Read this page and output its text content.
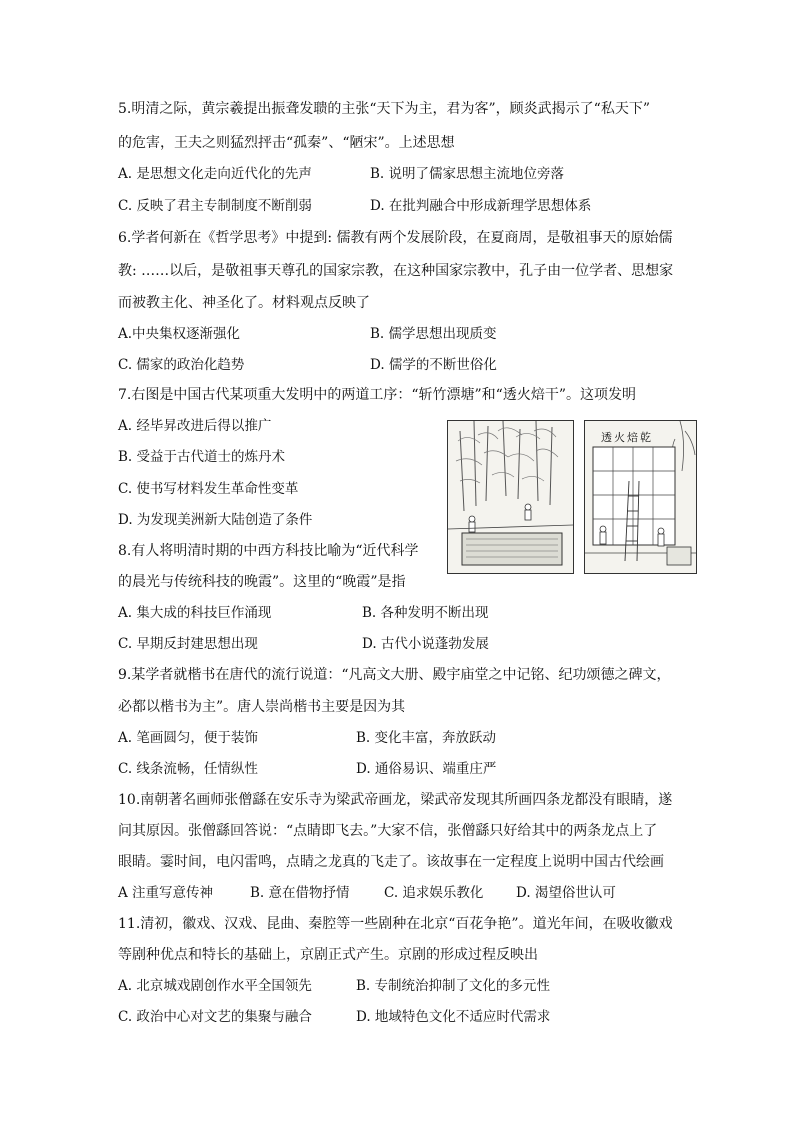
5.明清之际，黄宗羲提出振聋发聩的主张“天下为主，君为客”，顾炎武揭示了“私天下”
的危害，王夫之则猛烈抨击“孤秦”、“陋宋”。上述思想
A. 是思想文化走向近代化的先声	B. 说明了儒家思想主流地位旁落
C. 反映了君主专制制度不断削弱	D. 在批判融合中形成新理学思想体系
6.学者何新在《哲学思考》中提到: 儒教有两个发展阶段，在夏商周，是敬祖事天的原始儒
教: ……以后，是敬祖事天尊孔的国家宗教，在这种国家宗教中，孔子由一位学者、思想家
而被教主化、神圣化了。材料观点反映了
A.中央集权逐渐强化	B. 儒学思想出现质变
C. 儒家的政治化趋势	D. 儒学的不断世俗化
7.右图是中国古代某项重大发明中的两道工序：“斩竹漂塘”和“透火焙干”。这项发明
A. 经毕昇改进后得以推广
B. 受益于古代道士的炼丹术
C. 使书写材料发生革命性变革
D. 为发现美洲新大陆创造了条件
透火焙乾
8.有人将明清时期的中西方科技比喻为“近代科学
的晨光与传统科技的晚霞”。这里的“晚霞”是指
A. 集大成的科技巨作涌现	B. 各种发明不断出现
C. 早期反封建思想出现	D. 古代小说蓬勃发展
9.某学者就楷书在唐代的流行说道：“凡高文大册、殿宇庙堂之中记铭、纪功颂德之碑文，
必都以楷书为主”。唐人崇尚楷书主要是因为其
A. 笔画圆匀，便于装饰	B. 变化丰富，奔放跃动
C. 线条流畅，任情纵性	D. 通俗易识、端重庄严
10.南朝著名画师张僧繇在安乐寺为梁武帝画龙，梁武帝发现其所画四条龙都没有眼睛，遂
问其原因。张僧繇回答说：“点睛即飞去。”大家不信，张僧繇只好给其中的两条龙点上了
眼睛。霎时间，电闪雷鸣，点睛之龙真的飞走了。该故事在一定程度上说明中国古代绘画
A 注重写意传神	B. 意在借物抒情	C. 追求娱乐教化 D. 渴望俗世认可
11.清初，徽戏、汉戏、昆曲、秦腔等一些剧种在北京“百花争艳”。道光年间，在吸收徽戏
等剧种优点和特长的基础上，京剧正式产生。京剧的形成过程反映出
A. 北京城戏剧创作水平全国领先	B. 专制统治抑制了文化的多元性
C. 政治中心对文艺的集聚与融合	D. 地域特色文化不适应时代需求
